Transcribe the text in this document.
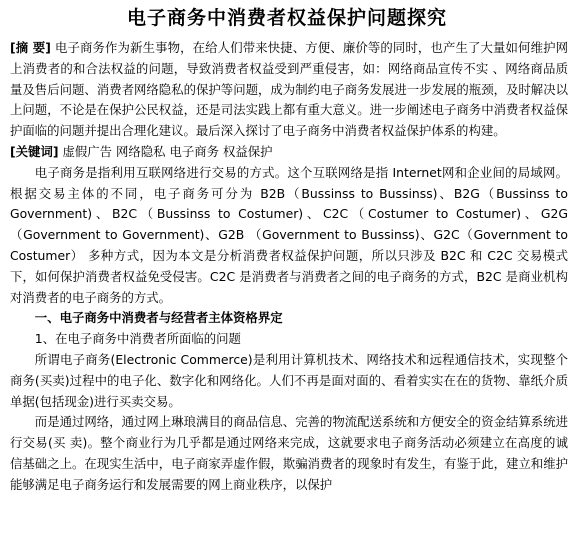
电子商务中消费者权益保护问题探究

[摘 要] 电子商务作为新生事物，在给人们带来快捷、方便、廉价等的同时，也产生了大量如何维护网上消费者的和合法权益的问题，导致消费者权益受到严重侵害，如：网络商品宣传不实 、网络商品质量及售后问题、消费者网络隐私的保护等问题，成为制约电子商务发展进一步发展的瓶颈，及时解决以上问题，不论是在保护公民权益，还是司法实践上都有重大意义。进一步阐述电子商务中消费者权益保护面临的问题并提出合理化建议。最后深入探讨了电子商务中消费者权益保护体系的构建。

[关键词] 虚假广告 网络隐私 电子商务 权益保护

电子商务是指利用互联网络进行交易的方式。这个互联网络是指 Internet网和企业间的局域网。根据交易主体的不同，电子商务可分为 B2B（Bussinss to Bussinss)、B2G（Bussinss to Government)、B2C（Bussinss to Costumer)、C2C（Costumer to Costumer)、G2G（Government to Government)、G2B （Government to Bussinss)、G2C（Government to Costumer） 多种方式，因为本文是分析消费者权益保护问题，所以只涉及 B2C 和 C2C 交易模式下，如何保护消费者权益免受侵害。C2C 是消费者与消费者之间的电子商务的方式，B2C 是商业机构对消费者的电子商务的方式。

一、电子商务中消费者与经营者主体资格界定

1、在电子商务中消费者所面临的问题

所谓电子商务(Electronic Commerce)是利用计算机技术、网络技术和远程通信技术，实现整个商务(买卖)过程中的电子化、数字化和网络化。人们不再是面对面的、看着实实在在的货物、靠纸介质单据(包括现金)进行买卖交易。

而是通过网络，通过网上琳琅满目的商品信息、完善的物流配送系统和方便安全的资金结算系统进行交易(买 卖)。整个商业行为几乎都是通过网络来完成，这就要求电子商务活动必须建立在高度的诚信基础之上。在现实生活中，电子商家弄虚作假，欺骗消费者的现象时有发生，有鉴于此，建立和维护能够满足电子商务运行和发展需要的网上商业秩序，以保护
